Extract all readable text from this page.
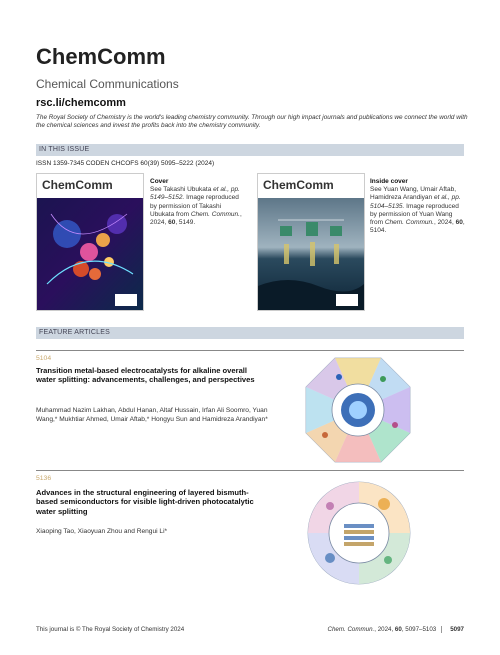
ChemComm
Chemical Communications
rsc.li/chemcomm
The Royal Society of Chemistry is the world's leading chemistry community. Through our high impact journals and publications we connect the world with the chemical sciences and invest the profits back into the chemistry community.
IN THIS ISSUE
ISSN 1359-7345 CODEN CHCOFS 60(39) 5095–5222 (2024)
ChemComm	Cover
See Takashi Ubukata et al., pp. 5149–5152. Image reproduced by permission of Takashi Ubukata from Chem. Commun., 2024, 60, 5149.
ChemComm	Inside cover
See Yuan Wang, Umair Aftab, Hamidreza Arandiyan et al., pp. 5104–5135. Image reproduced by permission of Yuan Wang from Chem. Commun., 2024, 60, 5104.
FEATURE ARTICLES
5104
Transition metal-based electrocatalysts for alkaline overall water splitting: advancements, challenges, and perspectives
Muhammad Nazim Lakhan, Abdul Hanan, Altaf Hussain, Irfan Ali Soomro, Yuan Wang,* Mukhtiar Ahmed, Umair Aftab,* Hongyu Sun and Hamidreza Arandiyan*
5136
Advances in the structural engineering of layered bismuth-based semiconductors for visible light-driven photocatalytic water splitting
Xiaoping Tao, Xiaoyuan Zhou and Rengui Li*
This journal is © The Royal Society of Chemistry 2024	Chem. Commun., 2024, 60, 5097–5103 5097
